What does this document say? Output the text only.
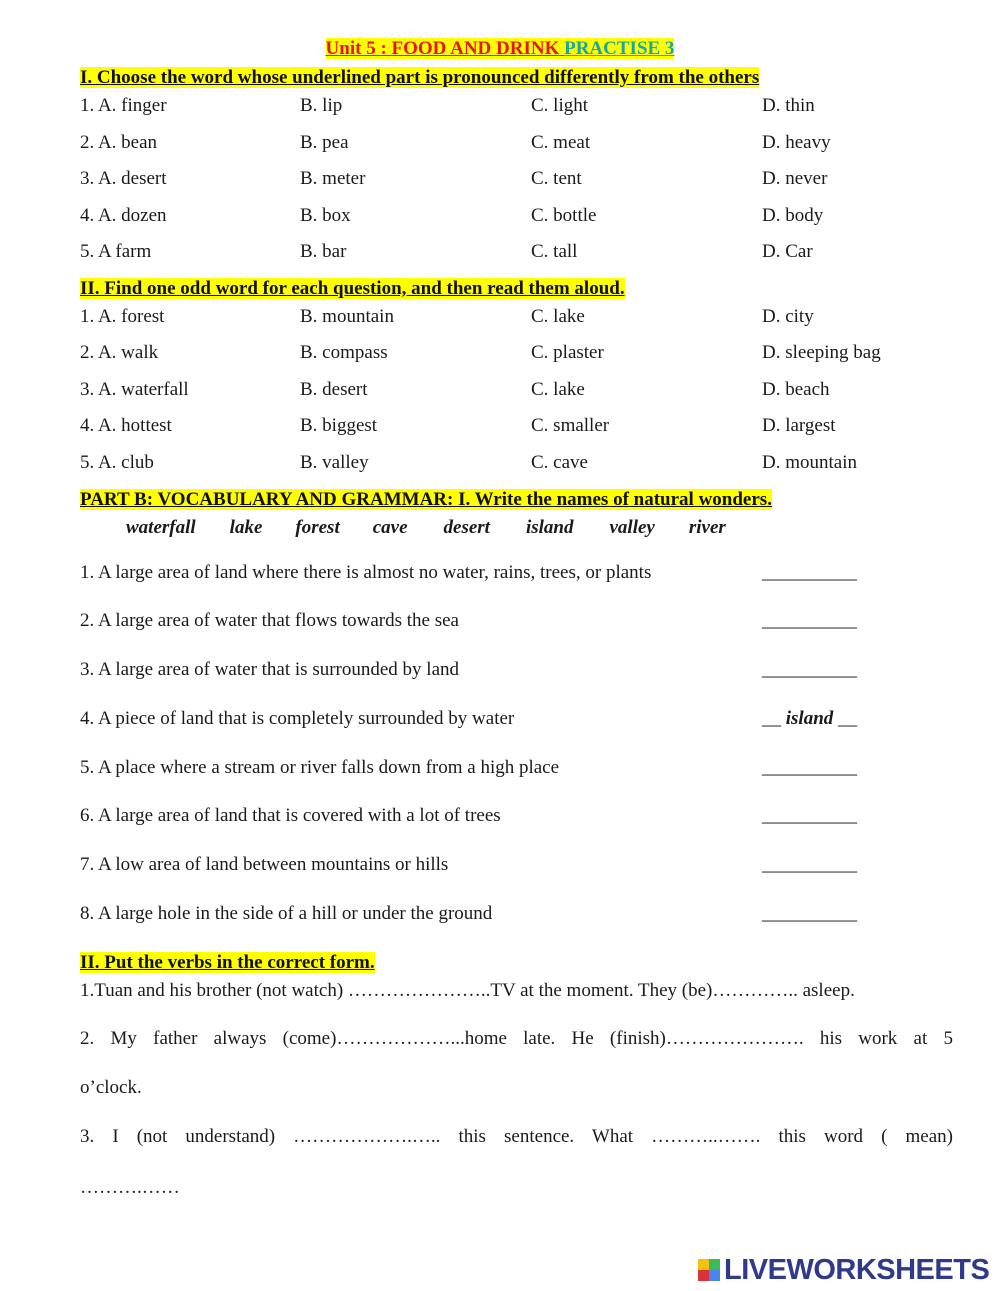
Unit 5 : FOOD AND DRINK PRACTISE 3
I. Choose the word whose underlined part is pronounced differently from the others
1. A. finger	B. lip	C. light	D. thin
2. A. bean	B. pea	C. meat	D. heavy
3. A. desert	B. meter	C. tent	D. never
4. A. dozen	B. box	C. bottle	D. body
5. A farm	B. bar	C. tall	D. Car
II. Find one odd word for each question, and then read them aloud.
1. A. forest	B. mountain	C. lake	D. city
2. A. walk	B. compass	C. plaster	D. sleeping bag
3. A. waterfall	B. desert	C. lake	D. beach
4. A. hottest	B. biggest	C. smaller	D. largest
5. A. club	B. valley	C. cave	D. mountain
PART B: VOCABULARY AND GRAMMAR: I. Write the names of natural wonders.
waterfall lake forest cave desert island valley river
1. A large area of land where there is almost no water, rains, trees, or plants	__________
2. A large area of water that flows towards the sea	__________
3. A large area of water that is surrounded by land	__________
4. A piece of land that is completely surrounded by water	__ island __
5. A place where a stream or river falls down from a high place	__________
6. A large area of land that is covered with a lot of trees	__________
7. A low area of land between mountains or hills	__________
8. A large hole in the side of a hill or under the ground	__________
II. Put the verbs in the correct form.
1.Tuan and his brother (not watch) …………………..TV at the moment. They (be)………….. asleep.
2. My father always (come)………………...home late. He (finish)…………………. his work at 5
o’clock.
3. I (not understand) ……………….….. this sentence. What ………..……. this word ( mean)
……….……
LIVEWORKSHEETS
